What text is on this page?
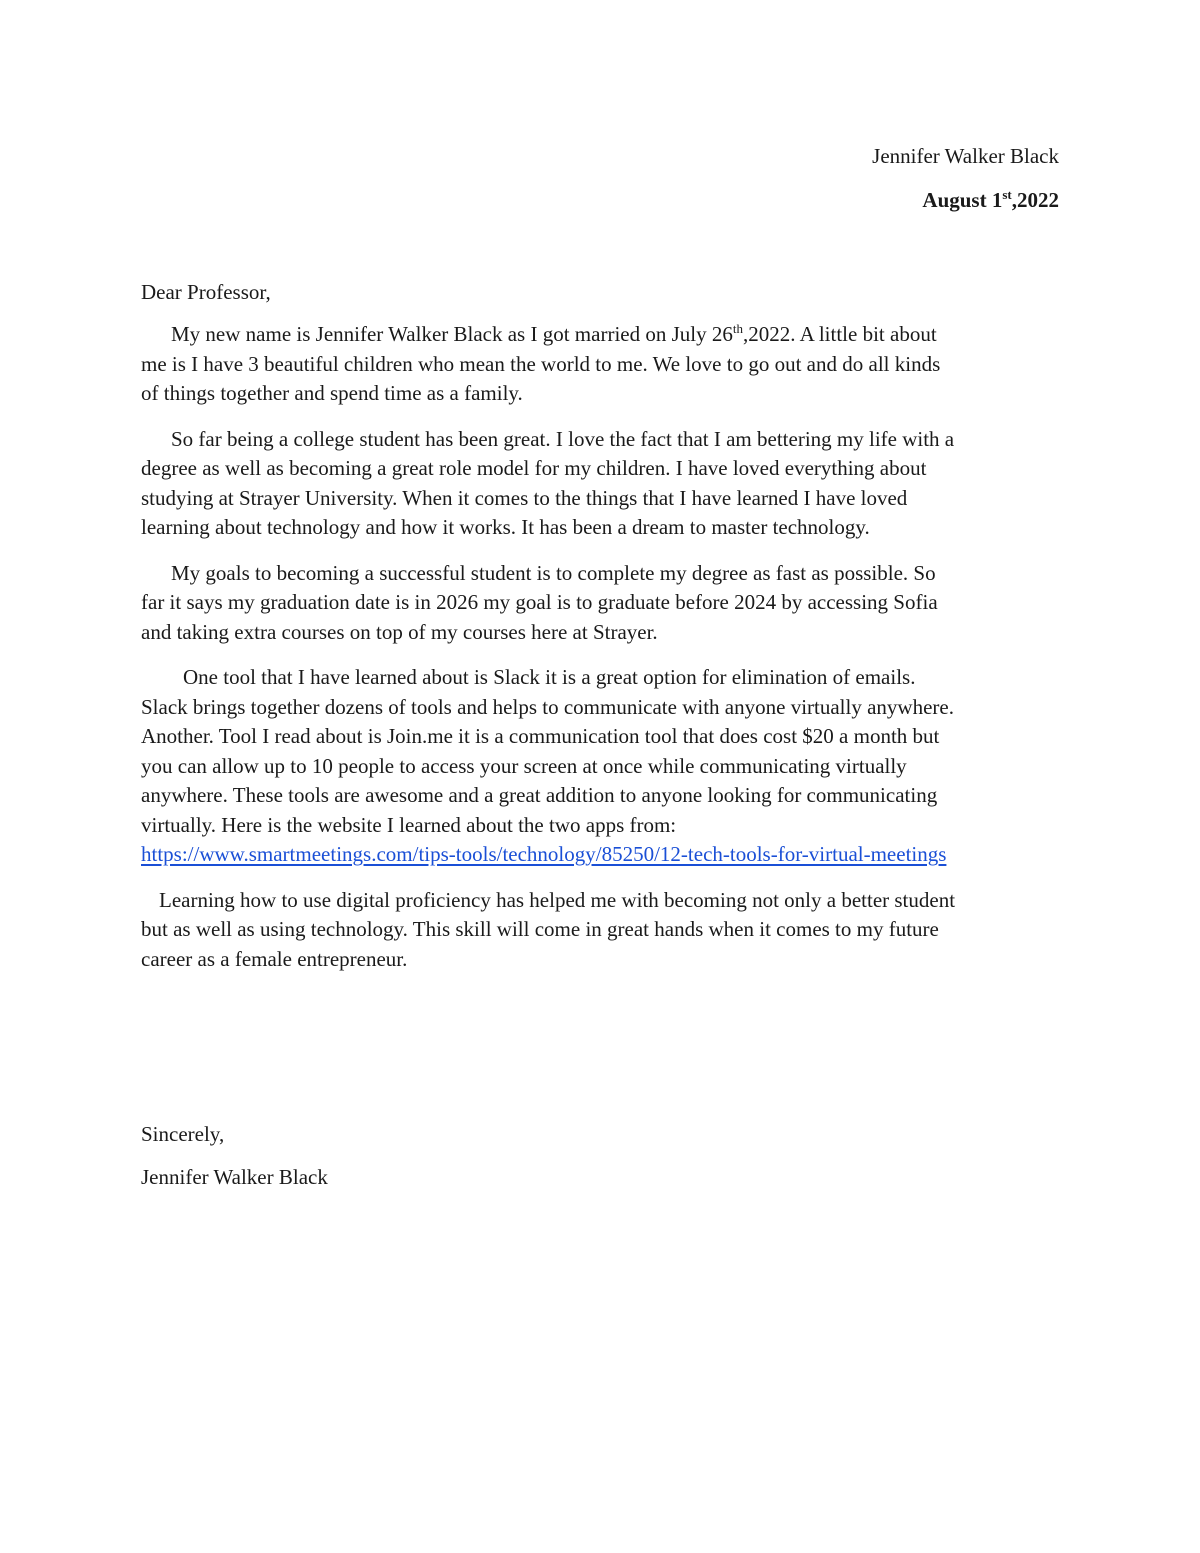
Jennifer Walker Black
August 1st,2022
Dear Professor,

My new name is Jennifer Walker Black as I got married on July 26th,2022. A little bit about
me is I have 3 beautiful children who mean the world to me. We love to go out and do all kinds
of things together and spend time as a family.

So far being a college student has been great. I love the fact that I am bettering my life with a
degree as well as becoming a great role model for my children. I have loved everything about
studying at Strayer University. When it comes to the things that I have learned I have loved
learning about technology and how it works. It has been a dream to master technology.

My goals to becoming a successful student is to complete my degree as fast as possible. So
far it says my graduation date is in 2026 my goal is to graduate before 2024 by accessing Sofia
and taking extra courses on top of my courses here at Strayer.

One tool that I have learned about is Slack it is a great option for elimination of emails.
Slack brings together dozens of tools and helps to communicate with anyone virtually anywhere.
Another. Tool I read about is Join.me it is a communication tool that does cost $20 a month but
you can allow up to 10 people to access your screen at once while communicating virtually
anywhere. These tools are awesome and a great addition to anyone looking for communicating
virtually. Here is the website I learned about the two apps from:
https://www.smartmeetings.com/tips-tools/technology/85250/12-tech-tools-for-virtual-meetings

Learning how to use digital proficiency has helped me with becoming not only a better student
but as well as using technology. This skill will come in great hands when it comes to my future
career as a female entrepreneur.

Sincerely,
Jennifer Walker Black
